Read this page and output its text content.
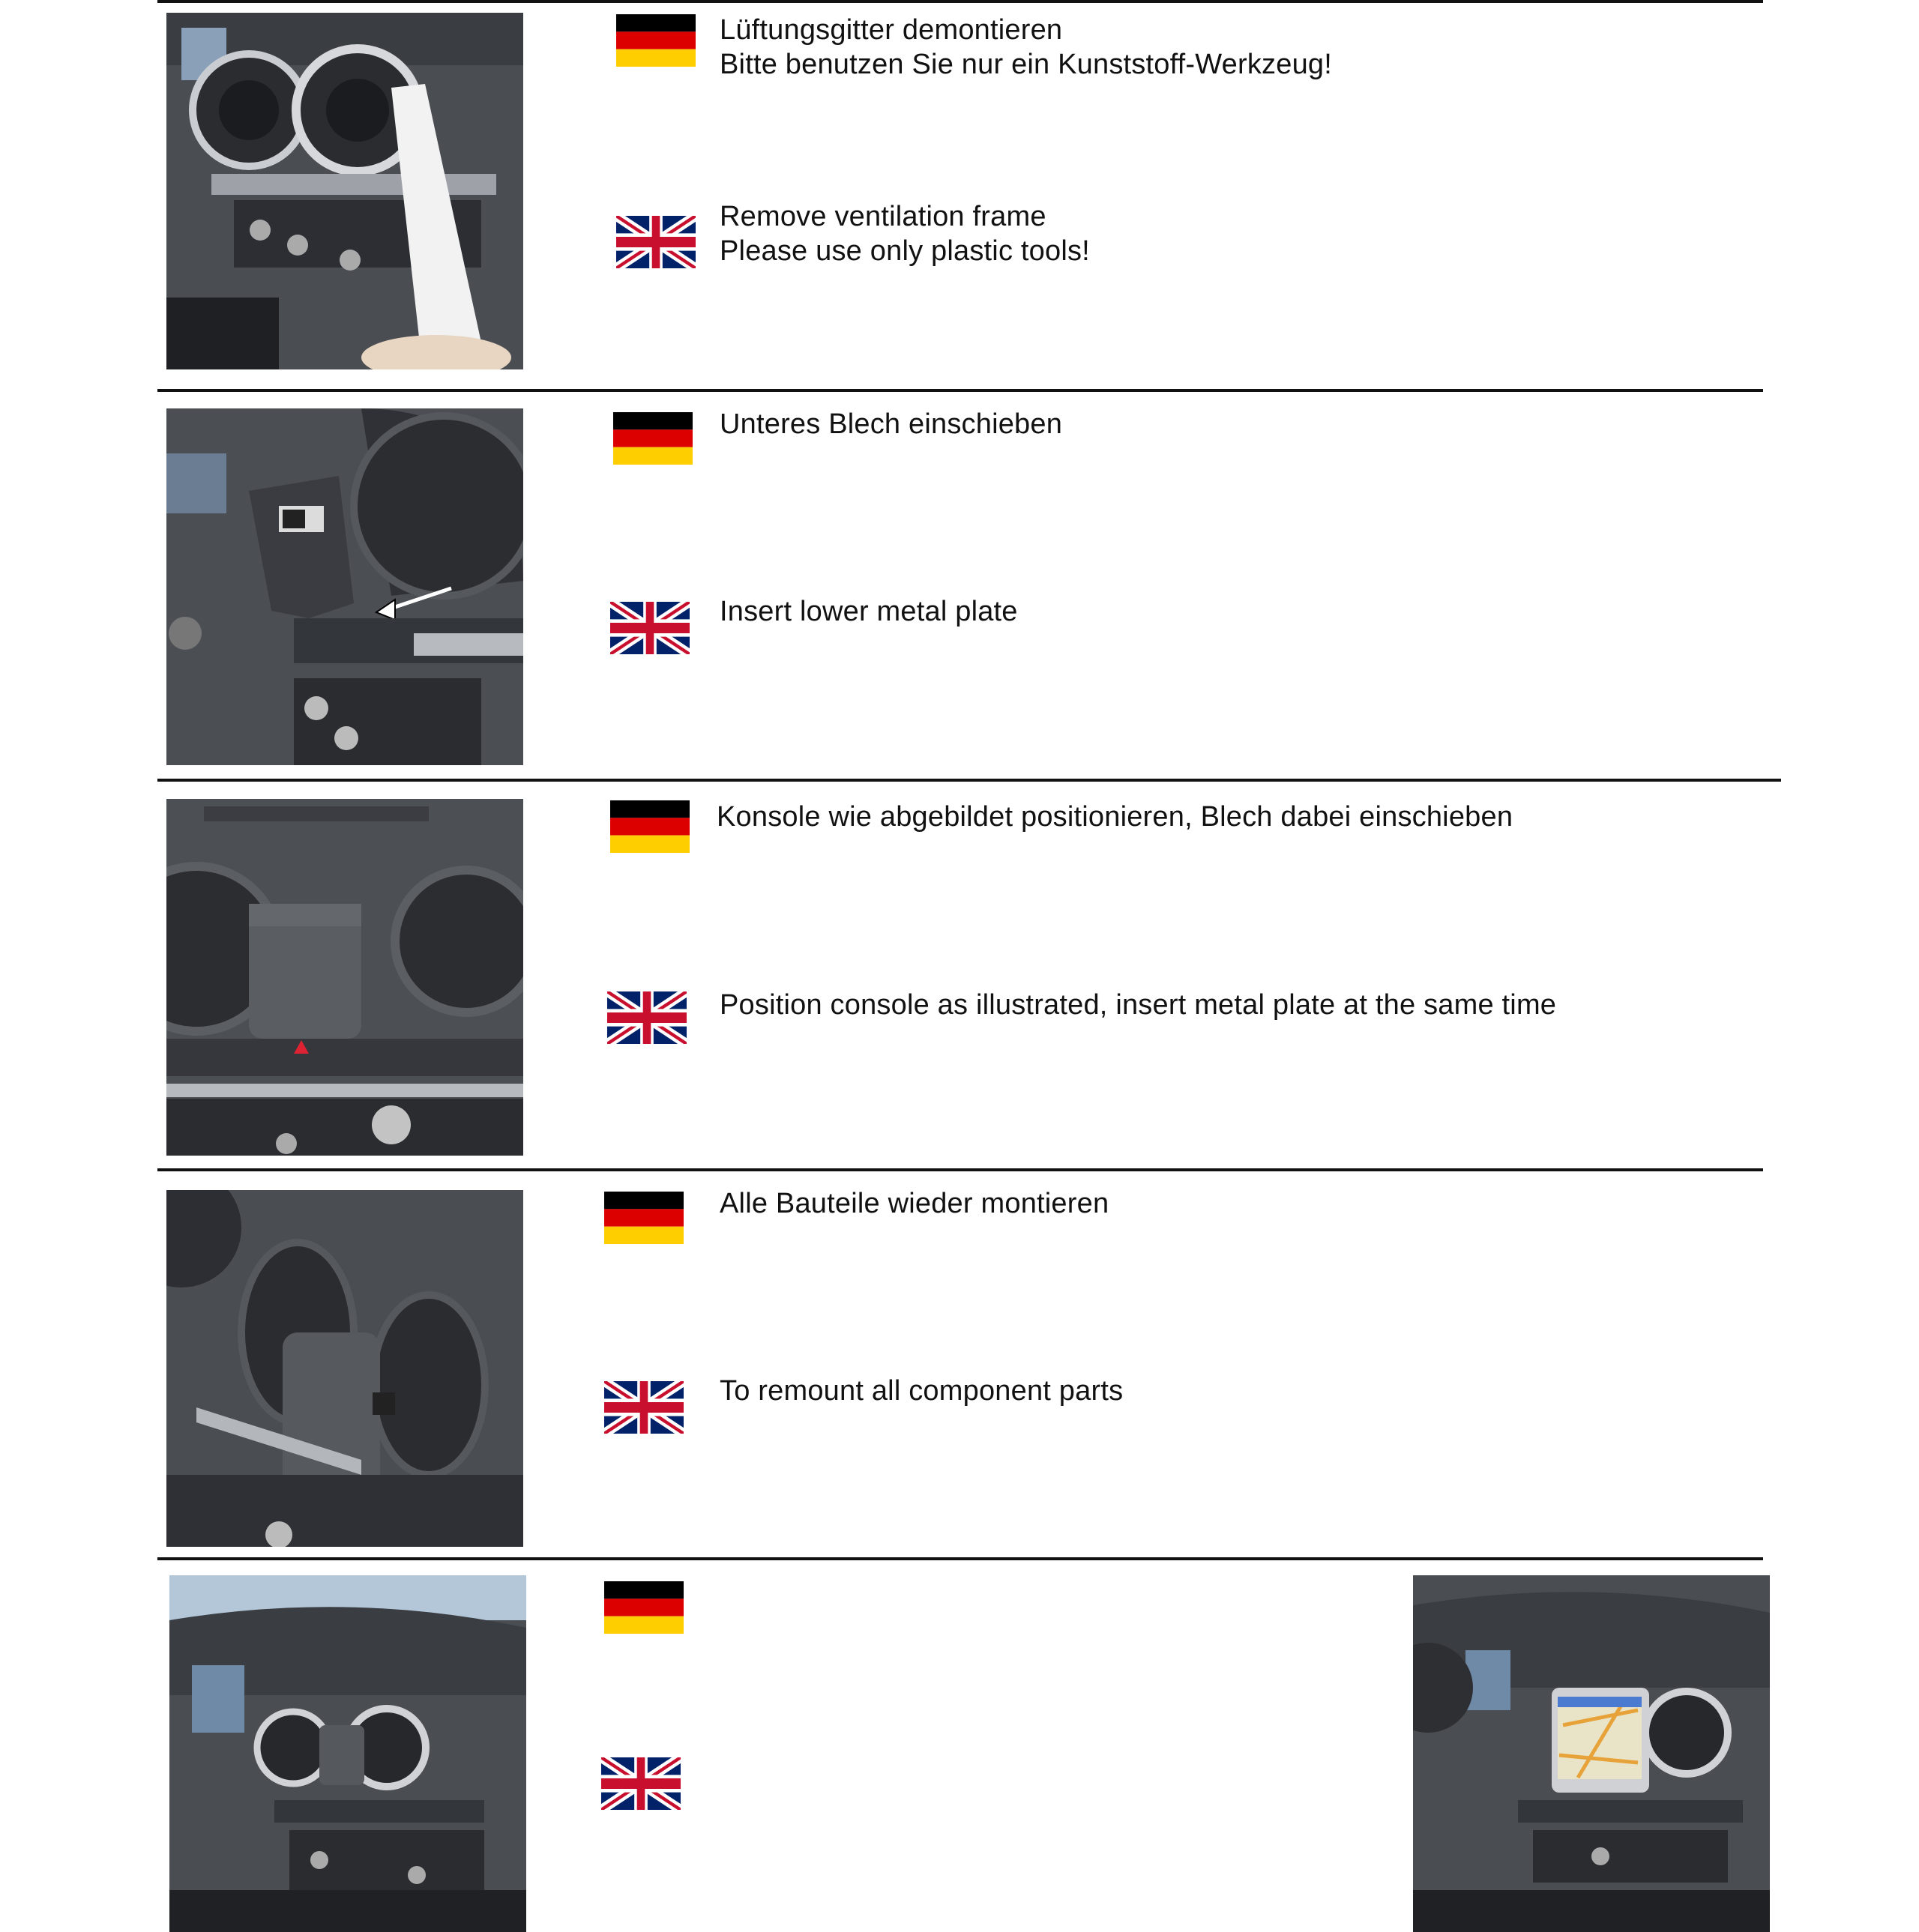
Lüftungsgitter demontieren
Bitte benutzen Sie nur ein Kunststoff-Werkzeug!
Remove ventilation frame
Please use only plastic tools!
Unteres Blech einschieben
Insert lower metal plate
Konsole wie abgebildet positionieren, Blech dabei einschieben
Position console as illustrated, insert metal plate at the same time
Alle Bauteile wieder montieren
To remount all component parts
